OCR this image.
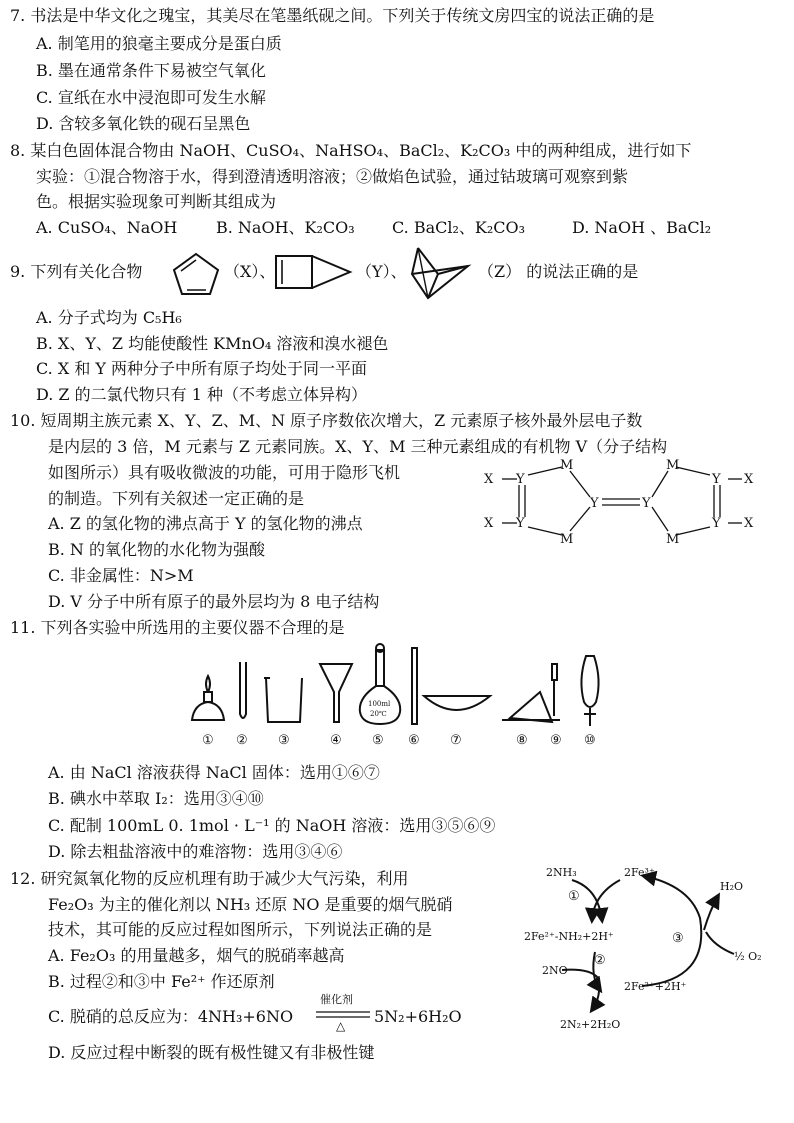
7. 书法是中华文化之瑰宝，其美尽在笔墨纸砚之间。下列关于传统文房四宝的说法正确的是
A. 制笔用的狼毫主要成分是蛋白质
B. 墨在通常条件下易被空气氧化
C. 宣纸在水中浸泡即可发生水解
D. 含较多氧化铁的砚石呈黑色
8. 某白色固体混合物由 NaOH、CuSO₄、NaHSO₄、BaCl₂、K₂CO₃ 中的两种组成，进行如下
实验：①混合物溶于水，得到澄清透明溶液；②做焰色试验，通过钴玻璃可观察到紫
色。根据实验现象可判断其组成为
A. CuSO₄、NaOH B. NaOH、K₂CO₃ C. BaCl₂、K₂CO₃	D. NaOH 、BaCl₂
9. 下列有关化合物	（X）、	（Y）、	（Z） 的说法正确的是
A. 分子式均为 C₅H₆
B. X、Y、Z 均能使酸性 KMnO₄ 溶液和溴水褪色
C. X 和 Y 两种分子中所有原子均处于同一平面
D. Z 的二氯代物只有 1 种（不考虑立体异构）
10. 短周期主族元素 X、Y、Z、M、N 原子序数依次增大，Z 元素原子核外最外层电子数
是内层的 3 倍，M 元素与 Z 元素同族。X、Y、M 三种元素组成的有机物 V（分子结构
如图所示）具有吸收微波的功能，可用于隐形飞机
的制造。下列有关叙述一定正确的是
A. Z 的氢化物的沸点高于 Y 的氢化物的沸点
B. N 的氧化物的水化物为强酸
C. 非金属性：N>M
D. V 分子中所有原子的最外层均为 8 电子结构
X
X
Y
Y
M
M
Y	Y
M
M
Y
Y
X
X
11. 下列各实验中所选用的主要仪器不合理的是
100ml
20℃
① ② ③	④ ⑤ ⑥ ⑦	⑧ ⑨ ⑩
A. 由 NaCl 溶液获得 NaCl 固体：选用①⑥⑦
B. 碘水中萃取 I₂：选用③④⑩
C. 配制 100mL 0. 1mol · L⁻¹ 的 NaOH 溶液：选用③⑤⑥⑨
D. 除去粗盐溶液中的难溶物：选用③④⑥
12. 研究氮氧化物的反应机理有助于减少大气污染，利用
Fe₂O₃ 为主的催化剂以 NH₃ 还原 NO 是重要的烟气脱硝
技术，其可能的反应过程如图所示，下列说法正确的是
A. Fe₂O₃ 的用量越多，烟气的脱硝率越高
B. 过程②和③中 Fe²⁺ 作还原剂
C. 脱硝的总反应为：4NH₃+6NO
催化剂
△ 5N₂+6H₂O
D. 反应过程中断裂的既有极性键又有非极性键
2NH₃	2Fe³⁺
①
2Fe²⁺-NH₂+2H⁺
H₂O
③
½ O₂
2NO
②
2Fe²⁺+2H⁺
2N₂+2H₂O
